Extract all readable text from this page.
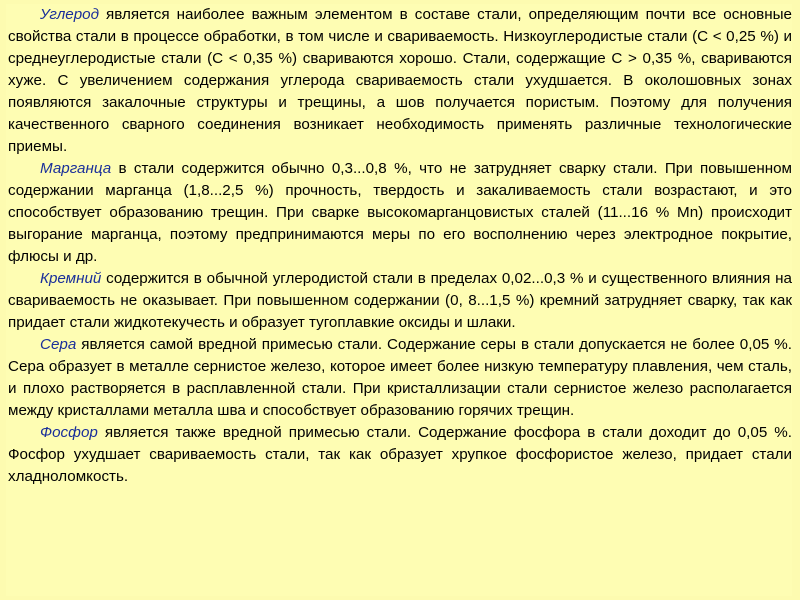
Углерод является наиболее важным элементом в составе стали, определяющим почти все основные свойства стали в процессе обработки, в том числе и свариваемость. Низкоуглеродистые стали (С < 0,25 %) и среднеуглеродистые стали (С < 0,35 %) свариваются хорошо. Стали, содержащие С > 0,35 %, свариваются хуже. С увеличением содержания углерода свариваемость стали ухудшается. В околошовных зонах появляются закалочные структуры и трещины, а шов получается пористым. Поэтому для получения качественного сварного соединения возникает необходимость применять различные технологические приемы.

Марганца в стали содержится обычно 0,3...0,8 %, что не затрудняет сварку стали. При повышенном содержании марганца (1,8...2,5 %) прочность, твердость и закаливаемость стали возрастают, и это способствует образованию трещин. При сварке высокомарганцовистых сталей (11...16 % Mn) происходит выгорание марганца, поэтому предпринимаются меры по его восполнению через электродное покрытие, флюсы и др.

Кремний содержится в обычной углеродистой стали в пределах 0,02...0,3 % и существенного влияния на свариваемость не оказывает. При повышенном содержании (0, 8...1,5 %) кремний затрудняет сварку, так как придает стали жидкотекучесть и образует тугоплавкие оксиды и шлаки.

Сера является самой вредной примесью стали. Содержание серы в стали допускается не более 0,05 %. Сера образует в металле сернистое железо, которое имеет более низкую температуру плавления, чем сталь, и плохо растворяется в расплавленной стали. При кристаллизации стали сернистое железо располагается между кристаллами металла шва и способствует образованию горячих трещин.

Фосфор является также вредной примесью стали. Содержание фосфора в стали доходит до 0,05 %. Фосфор ухудшает свариваемость стали, так как образует хрупкое фосфористое железо, придает стали хладноломкость.
